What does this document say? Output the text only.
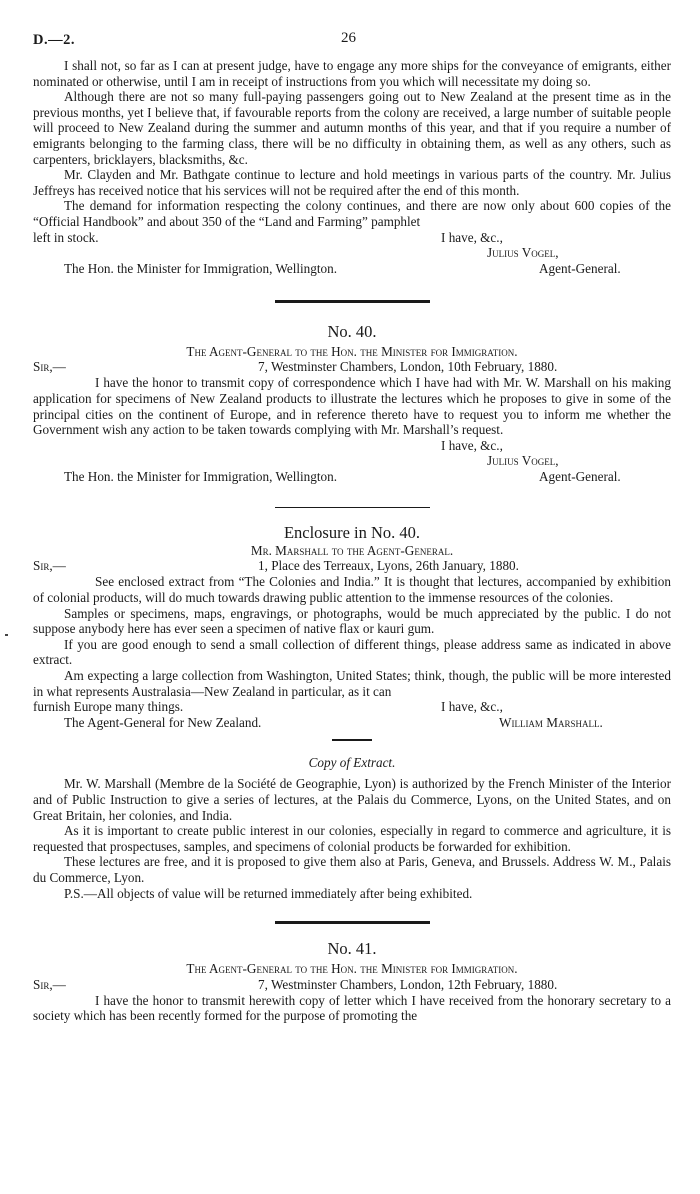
D.—2.	26

I shall not, so far as I can at present judge, have to engage any more ships for the conveyance of emigrants, either nominated or otherwise, until I am in receipt of instructions from you which will necessitate my doing so.

Although there are not so many full-paying passengers going out to New Zealand at the present time as in the previous months, yet I believe that, if favourable reports from the colony are received, a large number of suitable people will proceed to New Zealand during the summer and autumn months of this year, and that if you require a number of emigrants belonging to the farming class, there will be no difficulty in obtaining them, as well as any others, such as carpenters, bricklayers, blacksmiths, &c.

Mr. Clayden and Mr. Bathgate continue to lecture and hold meetings in various parts of the country. Mr. Julius Jeffreys has received notice that his services will not be required after the end of this month.

The demand for information respecting the colony continues, and there are now only about 600 copies of the “Official Handbook” and about 350 of the “Land and Farming” pamphlet

left in stock.	I have, &c.,
Julius Vogel,
The Hon. the Minister for Immigration, Wellington.	Agent-General.
No. 40.
The Agent-General to the Hon. the Minister for Immigration.
Sir,—	7, Westminster Chambers, London, 10th February, 1880.

I have the honor to transmit copy of correspondence which I have had with Mr. W. Marshall on his making application for specimens of New Zealand products to illustrate the lectures which he proposes to give in some of the principal cities on the continent of Europe, and in reference thereto have to request you to inform me whether the Government wish any action to be taken towards complying with Mr. Marshall’s request.

I have, &c.,
Julius Vogel,
The Hon. the Minister for Immigration, Wellington.	Agent-General.
Enclosure in No. 40.
Mr. Marshall to the Agent-General.
Sir,—	1, Place des Terreaux, Lyons, 26th January, 1880.

See enclosed extract from “The Colonies and India.” It is thought that lectures, accompanied by exhibition of colonial products, will do much towards drawing public attention to the immense resources of the colonies.

Samples or specimens, maps, engravings, or photographs, would be much appreciated by the public. I do not suppose anybody here has ever seen a specimen of native flax or kauri gum.

If you are good enough to send a small collection of different things, please address same as indicated in above extract.

Am expecting a large collection from Washington, United States; think, though, the public will be more interested in what represents Australasia—New Zealand in particular, as it can

furnish Europe many things.	I have, &c.,
The Agent-General for New Zealand.	William Marshall.
Copy of Extract.

Mr. W. Marshall (Membre de la Société de Geographie, Lyon) is authorized by the French Minister of the Interior and of Public Instruction to give a series of lectures, at the Palais du Commerce, Lyons, on the United States, and on Great Britain, her colonies, and India.

As it is important to create public interest in our colonies, especially in regard to commerce and agriculture, it is requested that prospectuses, samples, and specimens of colonial products be forwarded for exhibition.

These lectures are free, and it is proposed to give them also at Paris, Geneva, and Brussels. Address W. M., Palais du Commerce, Lyon.

P.S.—All objects of value will be returned immediately after being exhibited.

No. 41.
The Agent-General to the Hon. the Minister for Immigration.
Sir,—	7, Westminster Chambers, London, 12th February, 1880.

I have the honor to transmit herewith copy of letter which I have received from the honorary secretary to a society which has been recently formed for the purpose of promoting the
